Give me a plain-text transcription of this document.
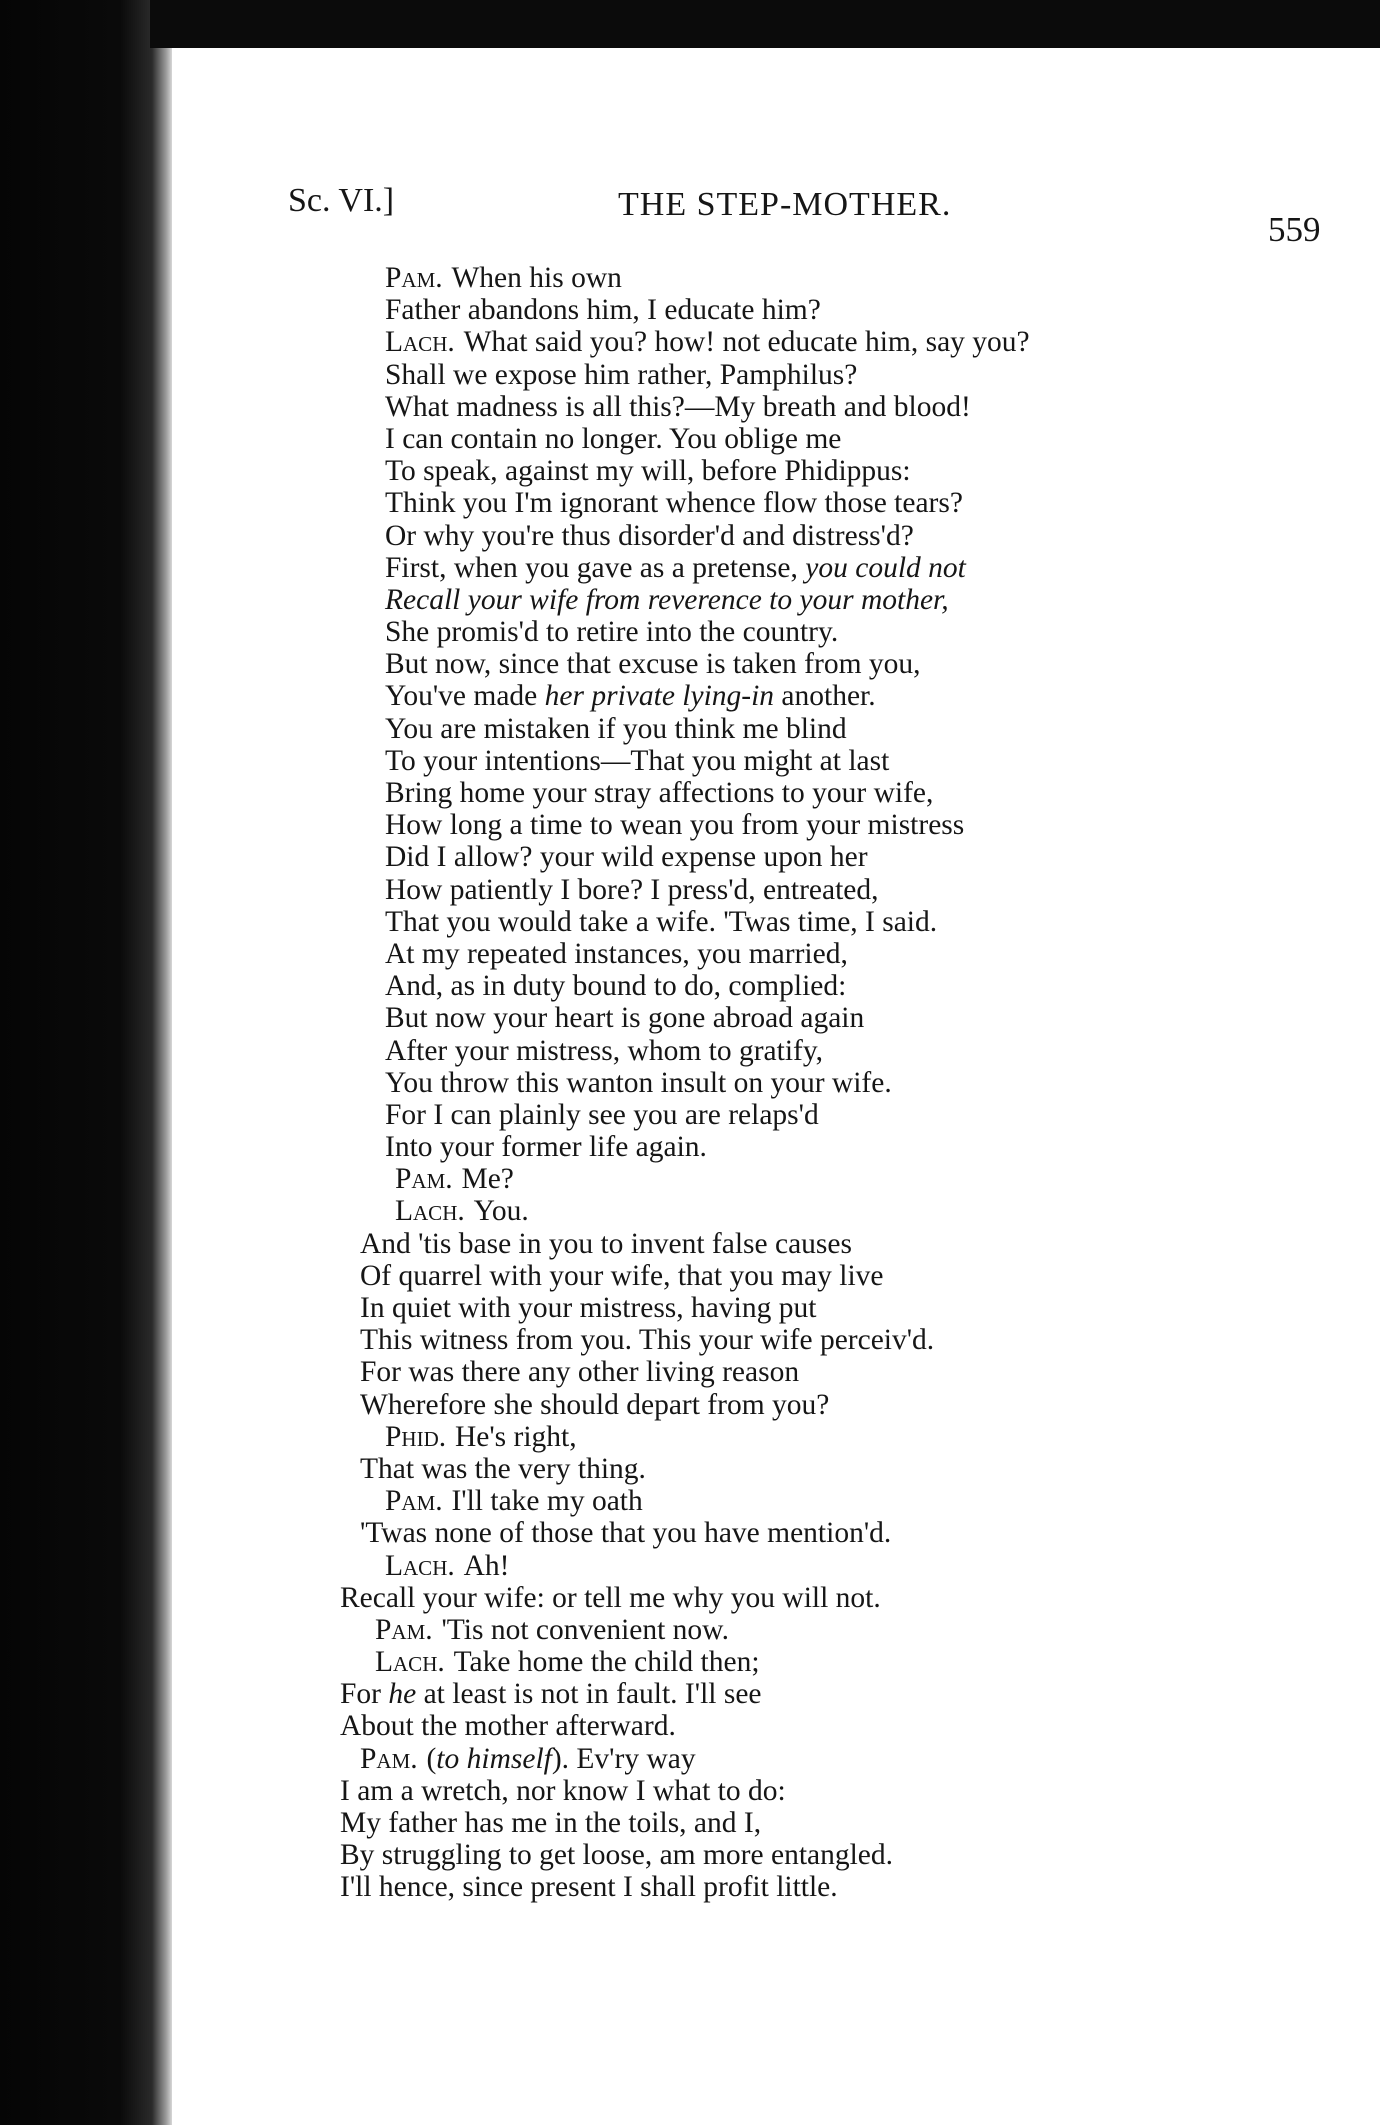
Sc. VI.]	THE STEP-MOTHER.
559
Pam. When his own
Father abandons him, I educate him?
Lach. What said you? how! not educate him, say you?
Shall we expose him rather, Pamphilus?
What madness is all this?—My breath and blood!
I can contain no longer. You oblige me
To speak, against my will, before Phidippus:
Think you I'm ignorant whence flow those tears?
Or why you're thus disorder'd and distress'd?
First, when you gave as a pretense, you could not
Recall your wife from reverence to your mother,
She promis'd to retire into the country.
But now, since that excuse is taken from you,
You've made her private lying-in another.
You are mistaken if you think me blind
To your intentions—That you might at last
Bring home your stray affections to your wife,
How long a time to wean you from your mistress
Did I allow? your wild expense upon her
How patiently I bore? I press'd, entreated,
That you would take a wife. 'Twas time, I said.
At my repeated instances, you married,
And, as in duty bound to do, complied:
But now your heart is gone abroad again
After your mistress, whom to gratify,
You throw this wanton insult on your wife.
For I can plainly see you are relaps'd
Into your former life again.
Pam. Me?
Lach. You.
And 'tis base in you to invent false causes
Of quarrel with your wife, that you may live
In quiet with your mistress, having put
This witness from you. This your wife perceiv'd.
For was there any other living reason
Wherefore she should depart from you?
Phid. He's right,
That was the very thing.
Pam. I'll take my oath
'Twas none of those that you have mention'd.
Lach. Ah!
Recall your wife: or tell me why you will not.
Pam. 'Tis not convenient now.
Lach. Take home the child then;
For he at least is not in fault. I'll see
About the mother afterward.
Pam. ( to himself ). Ev'ry way
I am a wretch, nor know I what to do:
My father has me in the toils, and I,
By struggling to get loose, am more entangled.
I'll hence, since present I shall profit little.
